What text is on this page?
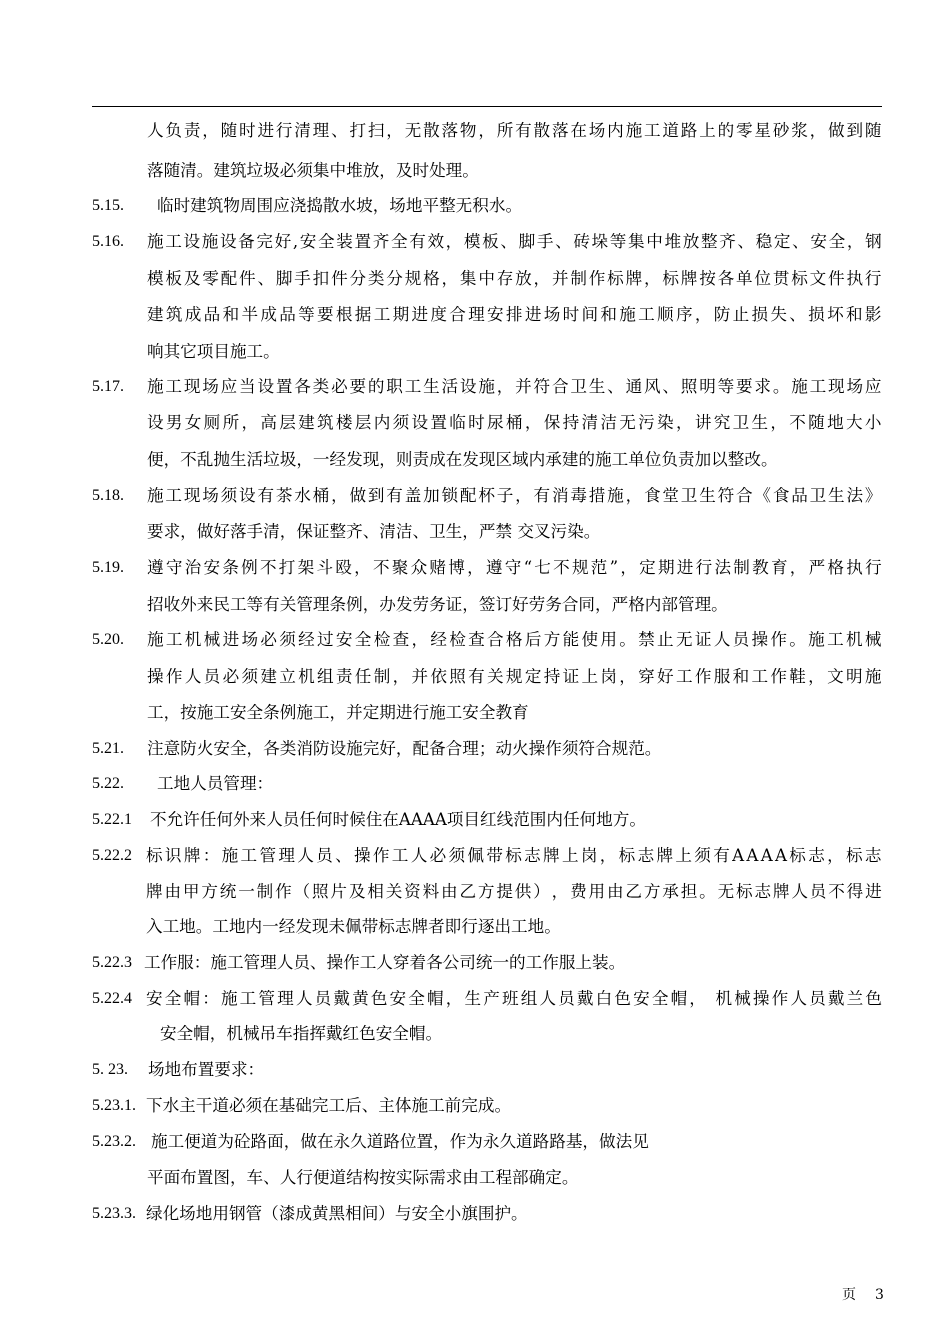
人 负 责 ， 随 时 进 行 清 理 、 打 扫 ， 无 散 落 物 ， 所 有 散 落 在 场 内 施 工 道 路 上 的 零 星 砂 浆 ， 做 到 随
落随清。建筑垃圾必须集中堆放，及时处理。
5.15. 临时建筑物周围应浇捣散水坡，场地平整无积水。
5.16. 施 工 设 施 设 备 完 好 , 安 全 装 置 齐 全 有 效 ， 模 板 、 脚 手 、 砖 垛 等 集 中 堆 放 整 齐 、 稳 定 、 安 全 ， 钢
模 板 及 零 配 件 、 脚 手 扣 件 分 类 分 规 格 ， 集 中 存 放 ， 并 制 作 标 牌 ， 标 牌 按 各 单 位 贯 标 文 件 执 行
建 筑 成 品 和 半 成 品 等 要 根 据 工 期 进 度 合 理 安 排 进 场 时 间 和 施 工 顺 序 ， 防 止 损 失 、 损 坏 和 影
响其它项目施工。
5.17. 施 工 现 场 应 当 设 置 各 类 必 要 的 职 工 生 活 设 施 ， 并 符 合 卫 生 、 通 风 、 照 明 等 要 求 。 施 工 现 场 应
设 男 女 厕 所 ， 高 层 建 筑 楼 层 内 须 设 置 临 时 尿 桶 ， 保 持 清 洁 无 污 染 ， 讲 究 卫 生 ， 不 随 地 大 小
便，不乱抛生活垃圾，一经发现，则责成在发现区域内承建的施工单位负责加以整改。
5.18. 施 工 现 场 须 设 有 茶 水 桶 ， 做 到 有 盖 加 锁 配 杯 子 ， 有 消 毒 措 施 ， 食 堂 卫 生 符 合 《 食 品 卫 生 法 》
要求，做好落手清，保证整齐、清洁、卫生，严禁 交叉污染。
5.19. 遵 守 治 安 条 例 不 打 架 斗 殴 ， 不 聚 众 赌 博 ， 遵 守 “ 七 不 规 范 ” ， 定 期 进 行 法 制 教 育 ， 严 格 执 行
招收外来民工等有关管理条例，办发劳务证，签订好劳务合同，严格内部管理。
5.20. 施 工 机 械 进 场 必 须 经 过 安 全 检 查 ， 经 检 查 合 格 后 方 能 使 用 。 禁 止 无 证 人 员 操 作 。 施 工 机 械
操 作 人 员 必 须 建 立 机 组 责 任 制 ， 并 依 照 有 关 规 定 持 证 上 岗 ， 穿 好 工 作 服 和 工 作 鞋 ， 文 明 施
工，按施工安全条例施工，并定期进行施工安全教育
5.21. 注意防火安全，各类消防设施完好，配备合理；动火操作须符合规范。
5.22. 工地人员管理：
5.22.1 不允许任何外来人员任何时候住在AAAA项目红线范围内任何地方。
5.22.2 标 识 牌 ： 施 工 管 理 人 员 、 操 作 工 人 必 须 佩 带 标 志 牌 上 岗 ， 标 志 牌 上 须 有 A A A A 标 志 ， 标 志
牌 由 甲 方 统 一 制 作 （ 照 片 及 相 关 资 料 由 乙 方 提 供 ） ， 费 用 由 乙 方 承 担 。 无 标 志 牌 人 员 不 得 进
入工地。工地内一经发现未佩带标志牌者即行逐出工地。
5.22.3 工作服：施工管理人员、操作工人穿着各公司统一的工作服上装。
5.22.4 安 全 帽 ： 施 工 管 理 人 员 戴 黄 色 安 全 帽 ， 生 产 班 组 人 员 戴 白 色 安 全 帽 ，
机 械 操 作 人 员 戴 兰 色
安全帽，机械吊车指挥戴红色安全帽。
5. 23. 场地布置要求：
5.23.1. 下水主干道必须在基础完工后、主体施工前完成。
5.23.2. 施工便道为砼路面，做在永久道路位置，作为永久道路路基，做法见
平面布置图，车、人行便道结构按实际需求由工程部确定。
5.23.3. 绿化场地用钢管（漆成黄黑相间）与安全小旗围护。
页 3
